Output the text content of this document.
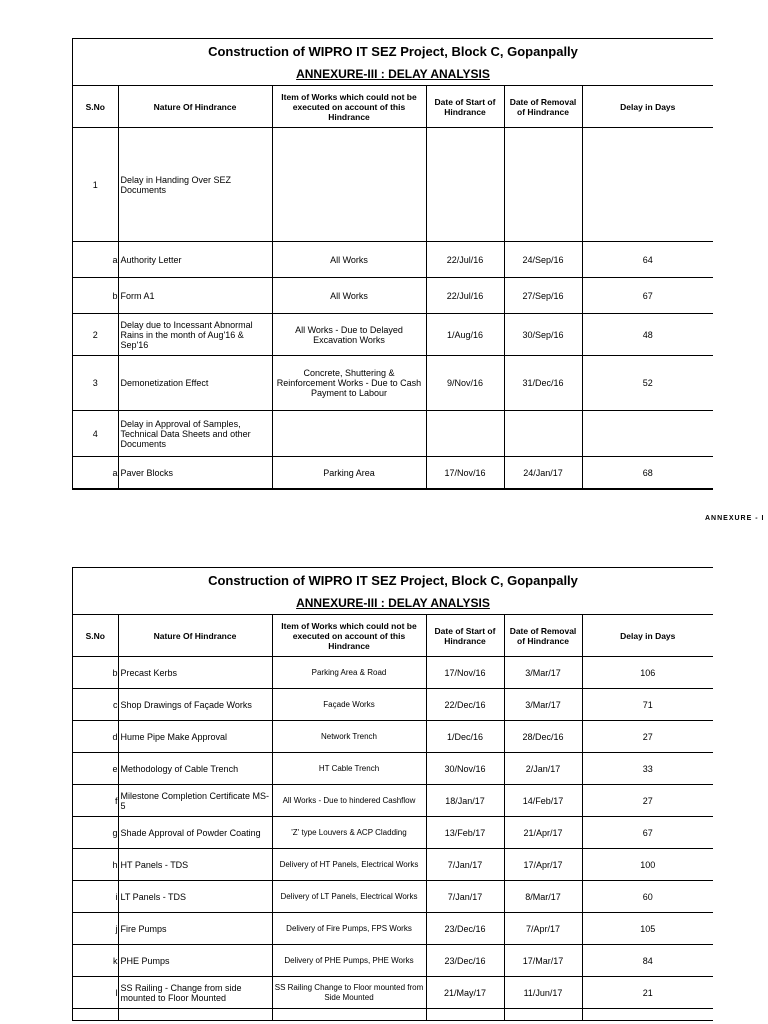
Construction of WIPRO IT SEZ Project, Block C, Gopanpally
ANNEXURE-III : DELAY ANALYSIS
S.No	Nature Of Hindrance	Item of Works which could not be executed on account of this Hindrance	Date of Start of Hindrance	Date of Removal of Hindrance	Delay in Days
1	Delay in Handing Over SEZ Documents				
a	Authority Letter	All Works	22/Jul/16	24/Sep/16	64
b	Form A1	All Works	22/Jul/16	27/Sep/16	67
2	Delay due to Incessant Abnormal Rains in the month of Aug'16 & Sep'16	All Works - Due to Delayed Excavation Works	1/Aug/16	30/Sep/16	48
3	Demonetization Effect	Concrete, Shuttering & Reinforcement Works - Due to Cash Payment to Labour	9/Nov/16	31/Dec/16	52
4	Delay in Approval of Samples, Technical Data Sheets and other Documents				
a	Paver Blocks	Parking Area	17/Nov/16	24/Jan/17	68
ANNEXURE - I
Construction of WIPRO IT SEZ Project, Block C, Gopanpally
ANNEXURE-III : DELAY ANALYSIS
S.No	Nature Of Hindrance	Item of Works which could not be executed on account of this Hindrance	Date of Start of Hindrance	Date of Removal of Hindrance	Delay in Days
b	Precast Kerbs	Parking Area & Road	17/Nov/16	3/Mar/17	106
c	Shop Drawings of Façade Works	Façade Works	22/Dec/16	3/Mar/17	71
d	Hume Pipe Make Approval	Network Trench	1/Dec/16	28/Dec/16	27
e	Methodology of Cable Trench	HT Cable Trench	30/Nov/16	2/Jan/17	33
f	Milestone Completion Certificate MS-5	All Works - Due to hindered Cashflow	18/Jan/17	14/Feb/17	27
g	Shade Approval of Powder Coating	'Z' type Louvers & ACP Cladding	13/Feb/17	21/Apr/17	67
h	HT Panels - TDS	Delivery of HT Panels, Electrical Works	7/Jan/17	17/Apr/17	100
i	LT Panels - TDS	Delivery of LT Panels, Electrical Works	7/Jan/17	8/Mar/17	60
j	Fire Pumps	Delivery of Fire Pumps, FPS Works	23/Dec/16	7/Apr/17	105
k	PHE Pumps	Delivery of PHE Pumps, PHE Works	23/Dec/16	17/Mar/17	84
l	SS Railing - Change from side mounted to Floor Mounted	SS Railing Change to Floor mounted from Side Mounted	21/May/17	11/Jun/17	21
